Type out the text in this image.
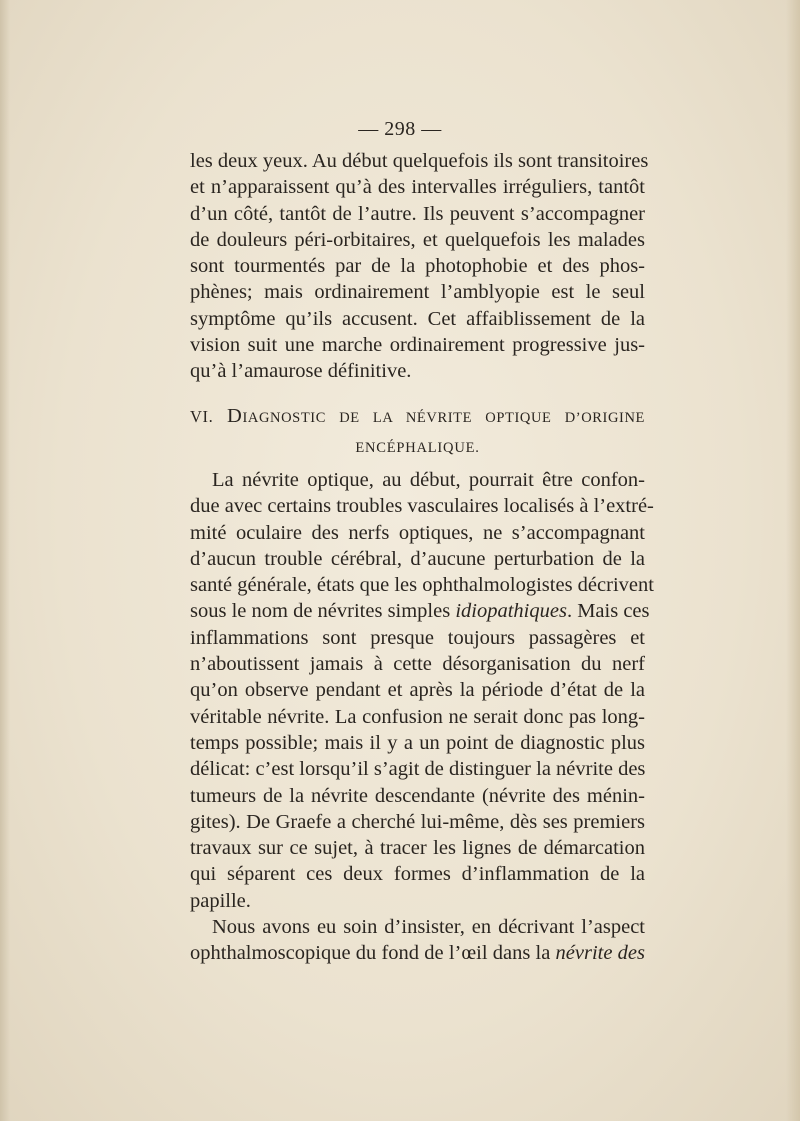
— 298 —
les deux yeux. Au début quelquefois ils sont transitoires
et n’apparaissent qu’à des intervalles irréguliers, tantôt
d’un côté, tantôt de l’autre. Ils peuvent s’accompagner
de douleurs péri-orbitaires, et quelquefois les malades
sont tourmentés par de la photophobie et des phos-
phènes; mais ordinairement l’amblyopie est le seul
symptôme qu’ils accusent. Cet affaiblissement de la
vision suit une marche ordinairement progressive jus-
qu’à l’amaurose définitive.
VI. DIAGNOSTIC DE LA NÉVRITE OPTIQUE D’ORIGINE
ENCÉPHALIQUE.
La névrite optique, au début, pourrait être confon-
due avec certains troubles vasculaires localisés à l’extré-
mité oculaire des nerfs optiques, ne s’accompagnant
d’aucun trouble cérébral, d’aucune perturbation de la
santé générale, états que les ophthalmologistes décrivent
sous le nom de névrites simples idiopathiques. Mais ces
inflammations sont presque toujours passagères et
n’aboutissent jamais à cette désorganisation du nerf
qu’on observe pendant et après la période d’état de la
véritable névrite. La confusion ne serait donc pas long-
temps possible; mais il y a un point de diagnostic plus
délicat: c’est lorsqu’il s’agit de distinguer la névrite des
tumeurs de la névrite descendante (névrite des ménin-
gites). De Graefe a cherché lui-même, dès ses premiers
travaux sur ce sujet, à tracer les lignes de démarcation
qui séparent ces deux formes d’inflammation de la
papille.
Nous avons eu soin d’insister, en décrivant l’aspect
ophthalmoscopique du fond de l’œil dans la névrite des
